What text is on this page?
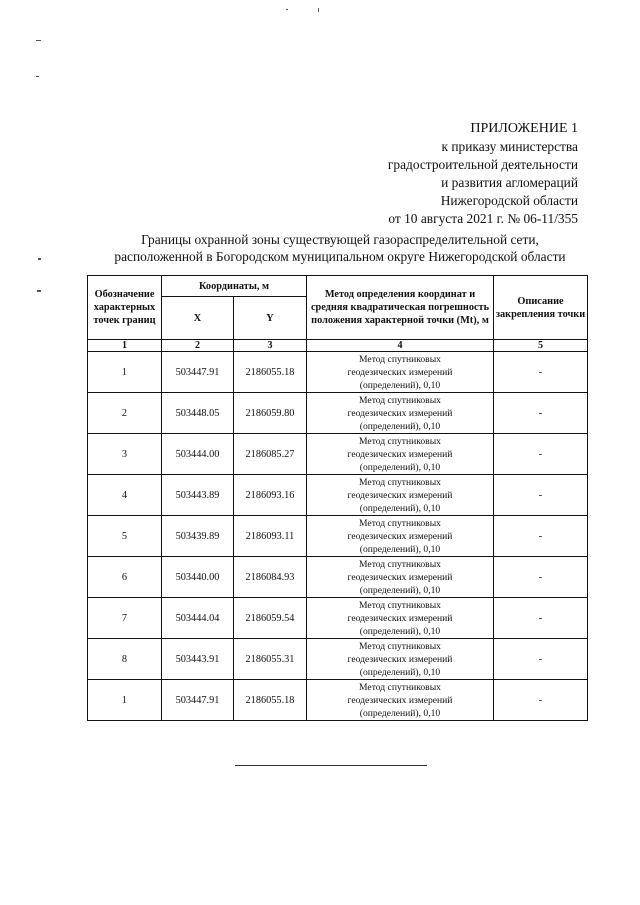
ПРИЛОЖЕНИЕ 1
к приказу министерства
градостроительной деятельности
и развития агломераций
Нижегородской области
от 10 августа 2021 г. № 06-11/355
Границы охранной зоны существующей газораспределительной сети,
расположенной в Богородском муниципальном округе Нижегородской области
Обозначение характерных точек границ	Координаты, м		Метод определения координат и средняя квадратическая погрешность положения характерной точки (Mt), м	Описание закрепления точки
	X	Y		
1	2	3	4	5
1	503447.91	2186055.18	Метод спутниковых
геодезических измерений
(определений), 0,10	-
2	503448.05	2186059.80	Метод спутниковых
геодезических измерений
(определений), 0,10	-
3	503444.00	2186085.27	Метод спутниковых
геодезических измерений
(определений), 0,10	-
4	503443.89	2186093.16	Метод спутниковых
геодезических измерений
(определений), 0,10	-
5	503439.89	2186093.11	Метод спутниковых
геодезических измерений
(определений), 0,10	-
6	503440.00	2186084.93	Метод спутниковых
геодезических измерений
(определений), 0,10	-
7	503444.04	2186059.54	Метод спутниковых
геодезических измерений
(определений), 0,10	-
8	503443.91	2186055.31	Метод спутниковых
геодезических измерений
(определений), 0,10	-
1	503447.91	2186055.18	Метод спутниковых
геодезических измерений
(определений), 0,10	-
